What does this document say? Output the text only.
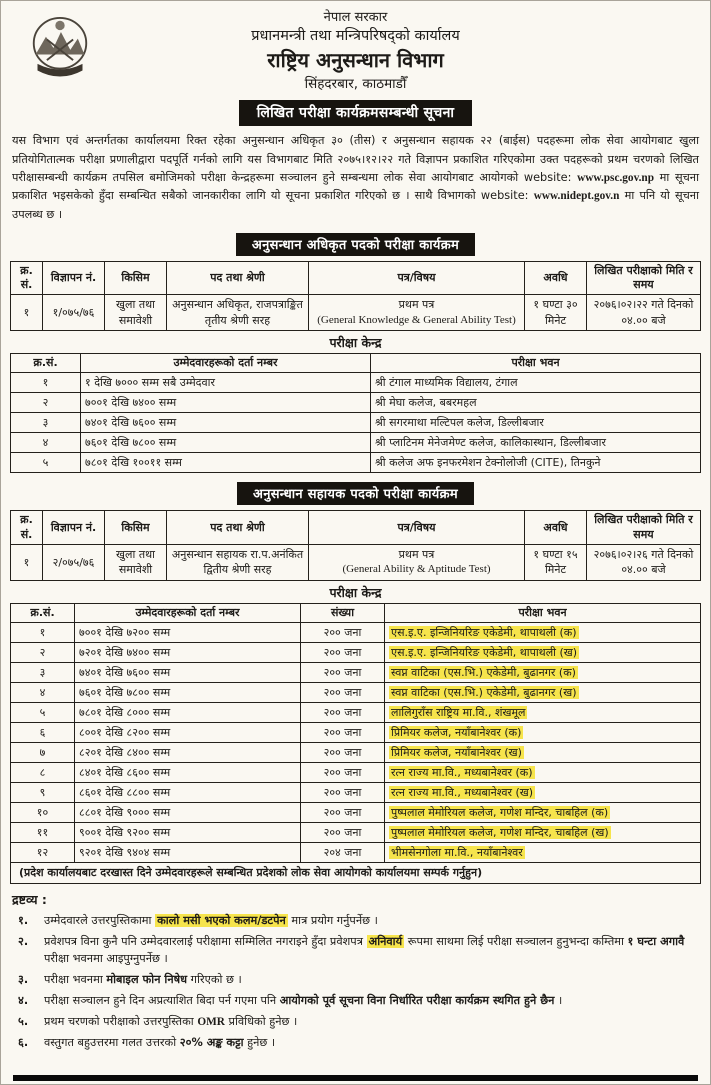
नेपाल सरकार
प्रधानमन्त्री तथा मन्त्रिपरिषद्को कार्यालय
राष्ट्रिय अनुसन्धान विभाग
सिंहदरबार, काठमाडौँ
लिखित परीक्षा कार्यक्रमसम्बन्धी सूचना

यस विभाग एवं अन्तर्गतका कार्यालयमा रिक्त रहेका अनुसन्धान अधिकृत ३० (तीस) र अनुसन्धान सहायक २२ (बाईस) पदहरूमा लोक सेवा आयोगबाट खुला प्रतियोगितात्मक परीक्षा प्रणालीद्वारा पदपूर्ति गर्नको लागि यस विभागबाट मिति २०७५।१२।२२ गते विज्ञापन प्रकाशित गरिएकोमा उक्त पदहरूको प्रथम चरणको लिखित परीक्षासम्बन्धी कार्यक्रम तपसिल बमोजिमको परीक्षा केन्द्रहरूमा सञ्चालन हुने सम्बन्धमा लोक सेवा आयोगबाट आयोगको website: www.psc.gov.np मा सूचना प्रकाशित भइसकेको हुँदा सम्बन्धित सबैको जानकारीका लागि यो सूचना प्रकाशित गरिएको छ । साथै विभागको website: www.nidept.gov.n मा पनि यो सूचना उपलब्ध छ ।

अनुसन्धान अधिकृत पदको परीक्षा कार्यक्रम
क्र. सं.	विज्ञापन नं.	किसिम	पद तथा श्रेणी	पत्र/विषय	अवधि	लिखित परीक्षाको मिति र समय
१	१/०७५/७६	खुला तथा समावेशी	अनुसन्धान अधिकृत, राजपत्राङ्कित तृतीय श्रेणी सरह	प्रथम पत्र
(General Knowledge & General Ability Test)	१ घण्टा ३० मिनेट	२०७६।०२।२२ गते दिनको ०४.०० बजे
परीक्षा केन्द्र
क्र.सं.	उम्मेदवारहरूको दर्ता नम्बर	परीक्षा भवन
१	१ देखि ७००० सम्म सबै उम्मेदवार	श्री टंगाल माध्यमिक विद्यालय, टंगाल
२	७००१ देखि ७४०० सम्म	श्री मेघा कलेज, बबरमहल
३	७४०१ देखि ७६०० सम्म	श्री सगरमाथा मल्टिपल कलेज, डिल्लीबजार
४	७६०१ देखि ७८०० सम्म	श्री प्लाटिनम मेनेजमेण्ट कलेज, कालिकास्थान, डिल्लीबजार
५	७८०१ देखि १००११ सम्म	श्री कलेज अफ इनफरमेशन टेक्नोलोजी (CITE), तिनकुने
अनुसन्धान सहायक पदको परीक्षा कार्यक्रम
क्र. सं.	विज्ञापन नं.	किसिम	पद तथा श्रेणी	पत्र/विषय	अवधि	लिखित परीक्षाको मिति र समय
१	२/०७५/७६	खुला तथा समावेशी	अनुसन्धान सहायक रा.प.अनंकित द्वितीय श्रेणी सरह	प्रथम पत्र
(General Ability & Aptitude Test)	१ घण्टा १५ मिनेट	२०७६।०२।२६ गते दिनको ०४.०० बजे
परीक्षा केन्द्र
क्र.सं.	उम्मेदवारहरूको दर्ता नम्बर	संख्या	परीक्षा भवन
१	७००१ देखि ७२०० सम्म	२०० जना	एस.इ.ए. इन्जिनियरिङ एकेडेमी, थापाथली (क)
२	७२०१ देखि ७४०० सम्म	२०० जना	एस.इ.ए. इन्जिनियरिङ एकेडेमी, थापाथली (ख)
३	७४०१ देखि ७६०० सम्म	२०० जना	स्वप्न वाटिका (एस.भि.) एकेडेमी, बुढानगर (क)
४	७६०१ देखि ७८०० सम्म	२०० जना	स्वप्न वाटिका (एस.भि.) एकेडेमी, बुढानगर (ख)
५	७८०१ देखि ८००० सम्म	२०० जना	लालिगुराँस राष्ट्रिय मा.वि., शंखमूल
६	८००१ देखि ८२०० सम्म	२०० जना	प्रिमियर कलेज, नयाँबानेश्वर (क)
७	८२०१ देखि ८४०० सम्म	२०० जना	प्रिमियर कलेज, नयाँबानेश्वर (ख)
८	८४०१ देखि ८६०० सम्म	२०० जना	रत्न राज्य मा.वि., मध्यबानेश्वर (क)
९	८६०१ देखि ८८०० सम्म	२०० जना	रत्न राज्य मा.वि., मध्यबानेश्वर (ख)
१०	८८०१ देखि ९००० सम्म	२०० जना	पुष्पलाल मेमोरियल कलेज, गणेश मन्दिर, चाबहिल (क)
११	९००१ देखि ९२०० सम्म	२०० जना	पुष्पलाल मेमोरियल कलेज, गणेश मन्दिर, चाबहिल (ख)
१२	९२०१ देखि ९४०४ सम्म	२०४ जना	भीमसेनगोला मा.वि., नयाँबानेश्वर
(प्रदेश कार्यालयबाट दरखास्त दिने उम्मेदवारहरूले सम्बन्धित प्रदेशको लोक सेवा आयोगको कार्यालयमा सम्पर्क गर्नुहुन)			
द्रष्टव्य :
१.	उम्मेदवारले उत्तरपुस्तिकामा कालो मसी भएको कलम/डटपेन मात्र प्रयोग गर्नुपर्नेछ ।
२.	प्रवेशपत्र विना कुनै पनि उम्मेदवारलाई परीक्षामा सम्मिलित नगराइने हुँदा प्रवेशपत्र अनिवार्य रूपमा साथमा लिई परीक्षा सञ्चालन हुनुभन्दा कम्तिमा १ घन्टा अगावै परीक्षा भवनमा आइपुग्नुपर्नेछ ।
३.	परीक्षा भवनमा मोबाइल फोन निषेध गरिएको छ ।
४.	परीक्षा सञ्चालन हुने दिन अप्रत्याशित बिदा पर्न गएमा पनि आयोगको पूर्व सूचना विना निर्धारित परीक्षा कार्यक्रम स्थगित हुने छैन ।
५.	प्रथम चरणको परीक्षाको उत्तरपुस्तिका OMR प्रविधिको हुनेछ ।
६.	वस्तुगत बहुउत्तरमा गलत उत्तरको २०% अङ्क कट्टा हुनेछ ।
